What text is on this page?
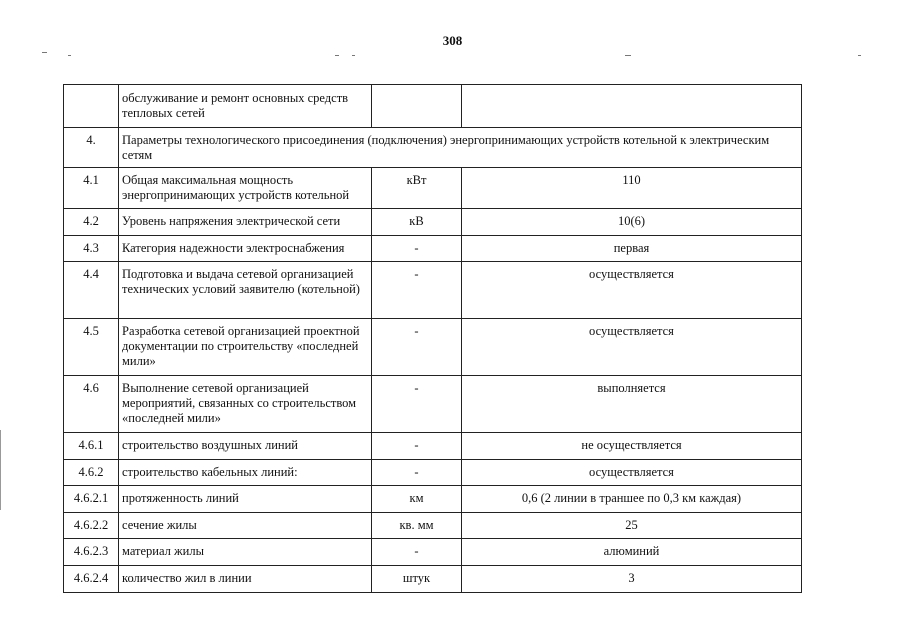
308
	обслуживание и ремонт основных средств тепловых сетей		
4.	Параметры технологического присоединения (подключения) энергопринимающих устройств котельной к электрическим сетям		
4.1	Общая максимальная мощность энергопринимающих устройств котельной	кВт	110
4.2	Уровень напряжения электрической сети	кВ	10(6)
4.3	Категория надежности электроснабжения	-	первая
4.4	Подготовка и выдача сетевой организацией технических условий заявителю (котельной)	-	осуществляется
4.5	Разработка сетевой организацией проектной документации по строительству «последней мили»	-	осуществляется
4.6	Выполнение сетевой организацией мероприятий, связанных со строительством «последней мили»	-	выполняется
4.6.1	строительство воздушных линий	-	не осуществляется
4.6.2	строительство кабельных линий:	-	осуществляется
4.6.2.1	протяженность линий	км	0,6 (2 линии в траншее по 0,3 км каждая)
4.6.2.2	сечение жилы	кв. мм	25
4.6.2.3	материал жилы	-	алюминий
4.6.2.4	количество жил в линии	штук	3
